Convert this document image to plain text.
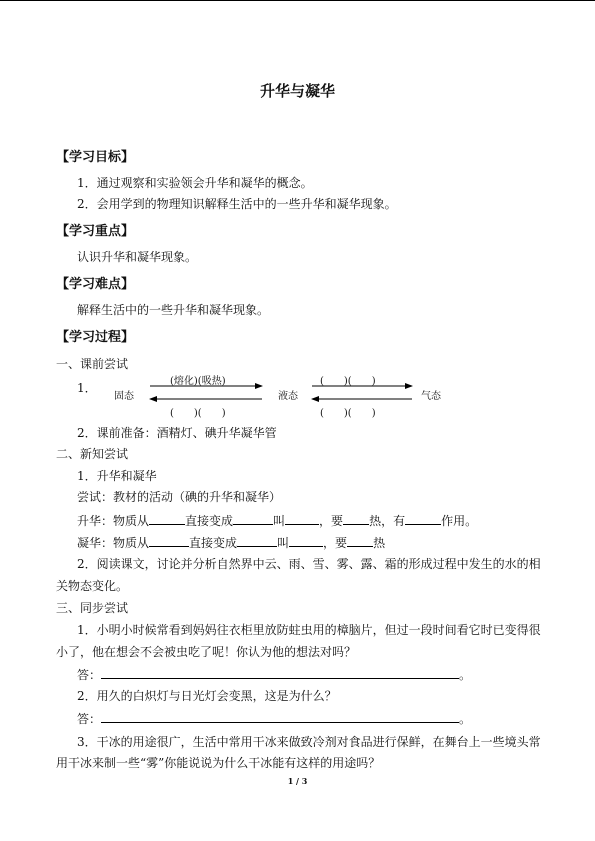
升华与凝华
【学习目标】
1．通过观察和实验领会升华和凝华的概念。
2．会用学到的物理知识解释生活中的一些升华和凝华现象。
【学习重点】
认识升华和凝华现象。
【学习难点】
解释生活中的一些升华和凝华现象。
【学习过程】
一、课前尝试
1．	(熔化)(吸热)
固态	液态	气态
(　　)(　　)
(　　)(　　)	(　　)(　　)
2．课前准备：酒精灯、碘升华凝华管
二、新知尝试
1．升华和凝华
尝试：教材的活动（碘的升华和凝华）
升华：物质从	直接变成	叫	，要 热，有	作用。
凝华：物质从	直接变成	叫	，要 热
2．阅读课文，讨论并分析自然界中云、雨、雪、雾、露、霜的形成过程中发生的水的相
关物态变化。
三、同步尝试
1．小明小时候常看到妈妈往衣柜里放防蛀虫用的樟脑片，但过一段时间看它时已变得很
小了，他在想会不会被虫吃了呢！你认为他的想法对吗？
答：	。
2．用久的白炽灯与日光灯会变黑，这是为什么？
答：	。
3．干冰的用途很广，生活中常用干冰来做致冷剂对食品进行保鲜，在舞台上一些境头常
用干冰来制一些“雾”你能说说为什么干冰能有这样的用途吗？
1 / 3
